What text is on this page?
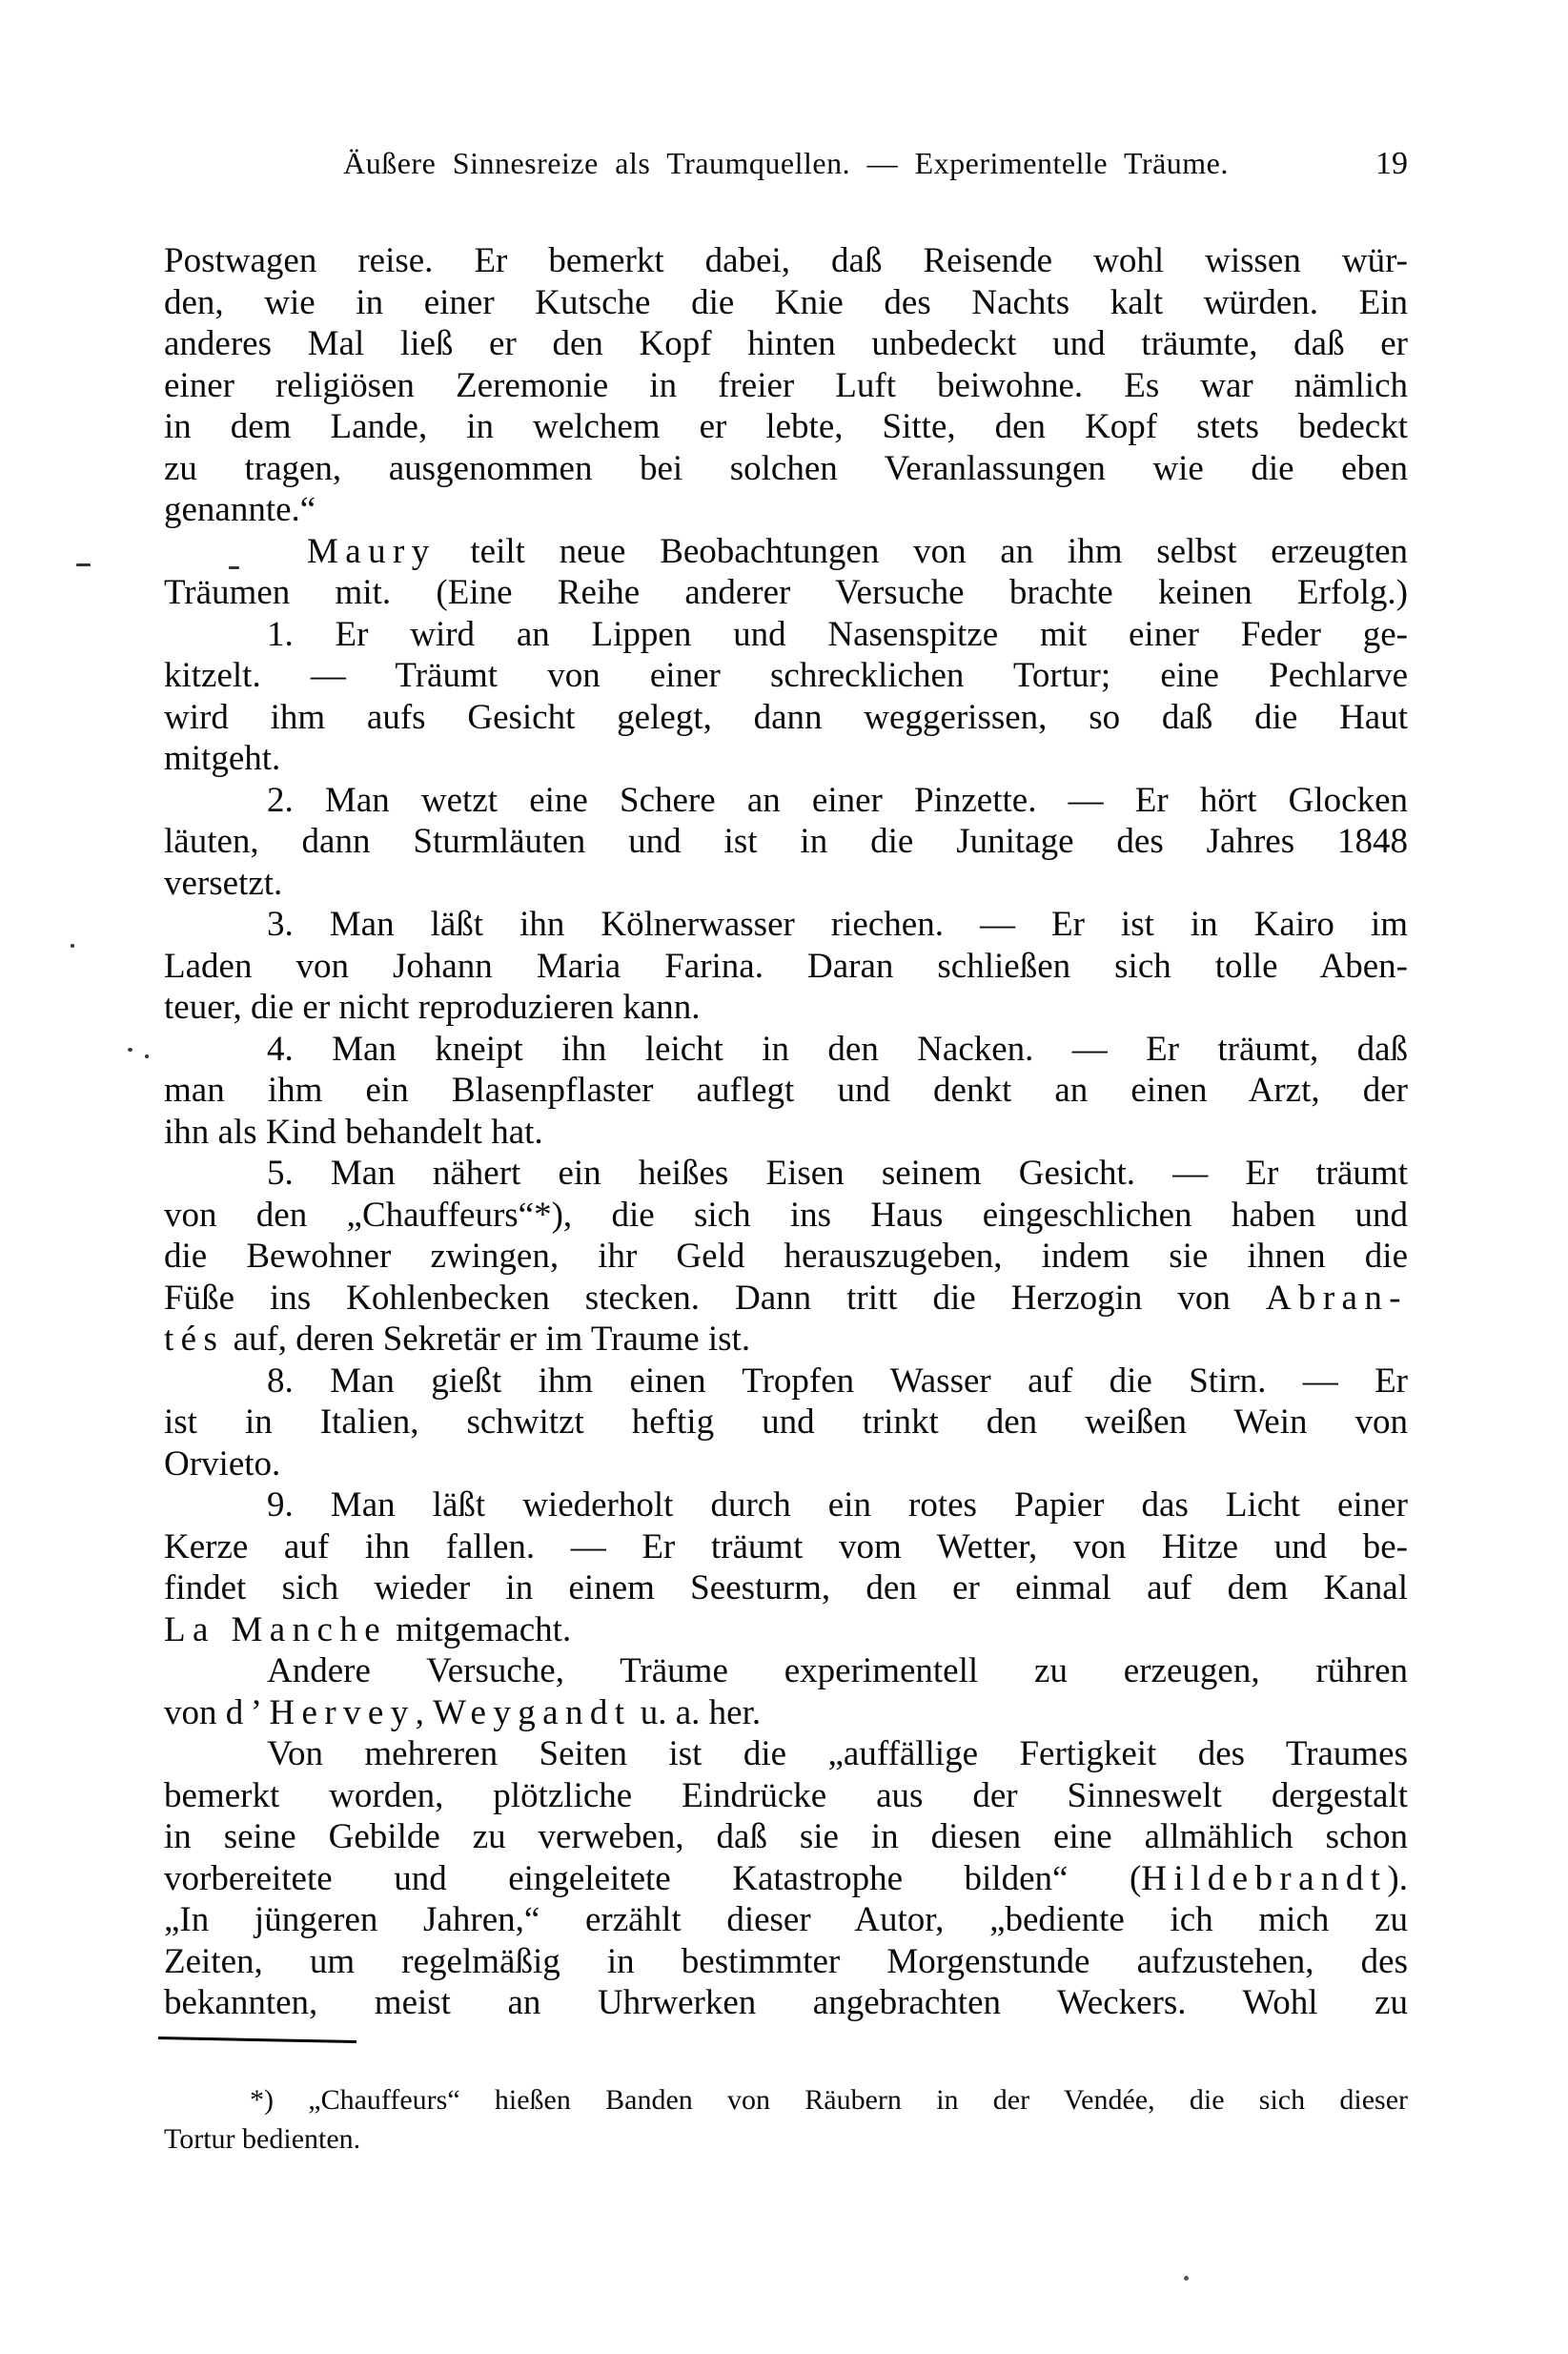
Äußere Sinnesreize als Traumquellen. — Experimentelle Träume.	19
Postwagen reise. Er bemerkt dabei, daß Reisende wohl wissen wür-
den, wie in einer Kutsche die Knie des Nachts kalt würden. Ein
anderes Mal ließ er den Kopf hinten unbedeckt und träumte, daß er
einer religiösen Zeremonie in freier Luft beiwohne. Es war nämlich
in dem Lande, in welchem er lebte, Sitte, den Kopf stets bedeckt
zu tragen, ausgenommen bei solchen Veranlassungen wie die eben
genannte.“
Maury teilt neue Beobachtungen von an ihm selbst erzeugten
Träumen mit. (Eine Reihe anderer Versuche brachte keinen Erfolg.)
1. Er wird an Lippen und Nasenspitze mit einer Feder ge-
kitzelt. — Träumt von einer schrecklichen Tortur; eine Pechlarve
wird ihm aufs Gesicht gelegt, dann weggerissen, so daß die Haut
mitgeht.
2. Man wetzt eine Schere an einer Pinzette. — Er hört Glocken
läuten, dann Sturmläuten und ist in die Junitage des Jahres 1848
versetzt.
3. Man läßt ihn Kölnerwasser riechen. — Er ist in Kairo im
Laden von Johann Maria Farina. Daran schließen sich tolle Aben-
teuer, die er nicht reproduzieren kann.
4. Man kneipt ihn leicht in den Nacken. — Er träumt, daß
man ihm ein Blasenpflaster auflegt und denkt an einen Arzt, der
ihn als Kind behandelt hat.
5. Man nähert ein heißes Eisen seinem Gesicht. — Er träumt
von den „Chauffeurs“*), die sich ins Haus eingeschlichen haben und
die Bewohner zwingen, ihr Geld herauszugeben, indem sie ihnen die
Füße ins Kohlenbecken stecken. Dann tritt die Herzogin von Abran-
tés auf, deren Sekretär er im Traume ist.
8. Man gießt ihm einen Tropfen Wasser auf die Stirn. — Er
ist in Italien, schwitzt heftig und trinkt den weißen Wein von
Orvieto.
9. Man läßt wiederholt durch ein rotes Papier das Licht einer
Kerze auf ihn fallen. — Er träumt vom Wetter, von Hitze und be-
findet sich wieder in einem Seesturm, den er einmal auf dem Kanal
La Manche mitgemacht.
Andere Versuche, Träume experimentell zu erzeugen, rühren
von d’Hervey, Weygandt u. a. her.
Von mehreren Seiten ist die „auffällige Fertigkeit des Traumes
bemerkt worden, plötzliche Eindrücke aus der Sinneswelt dergestalt
in seine Gebilde zu verweben, daß sie in diesen eine allmählich schon
vorbereitete und eingeleitete Katastrophe bilden“ (Hildebrandt).
„In jüngeren Jahren,“ erzählt dieser Autor, „bediente ich mich zu
Zeiten, um regelmäßig in bestimmter Morgenstunde aufzustehen, des
bekannten, meist an Uhrwerken angebrachten Weckers. Wohl zu
*) „Chauffeurs“ hießen Banden von Räubern in der Vendée, die sich dieser
Tortur bedienten.
